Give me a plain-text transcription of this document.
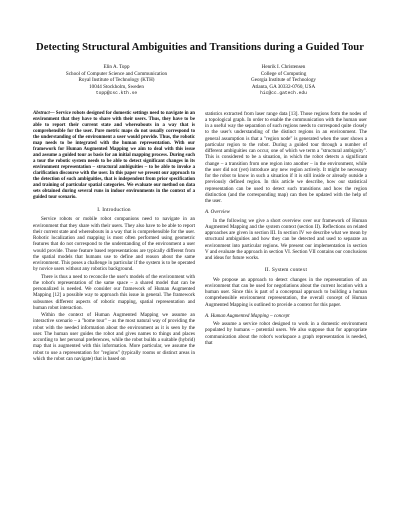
Detecting Structural Ambiguities and Transitions during a Guided Tour
Elin A. Topp
School of Computer Science and Communication
Royal Institute of Technology (KTH)
10044 Stockholm, Sweden
topp@csc.kth.se
Henrik I. Christensen
College of Computing
Georgia Institute of Technology
Atlanta, GA 30332-0760, USA
hic@cc.gatech.edu
Abstract— Service robots designed for domestic settings need to navigate in an environment that they have to share with their users. Thus, they have to be able to report their current state and whereabouts in a way that is comprehensible for the user. Pure metric maps do not usually correspond to the understanding of the environment a user would provide. Thus, the robotic map needs to be integrated with the human representation. With our framework for Human Augmented Mapping we aim to deal with this issue and assume a guided tour as basis for an initial mapping process. During such a tour the robotic system needs to be able to detect significant changes in its environment representation – structural ambiguities – to be able to invoke a clarification discourse with the user. In this paper we present our approach to the detection of such ambiguities, that is independent from prior specification and training of particular spatial categories. We evaluate our method on data sets obtained during several runs in indoor environments in the context of a guided tour scenario.
I. Introduction

Service robots or mobile robot companions need to navigate in an environment that they share with their users. They also have to be able to report their current state and whereabouts in a way that is comprehensible for the user. Robotic localization and mapping is most often performed using geometric features that do not correspond to the understanding of the environment a user would provide. Those feature based representations are typically different from the spatial models that humans use to define and reason about the same environment. This poses a challenge in particular if the system is to be operated by novice users without any robotics background.

There is thus a need to reconcile the user's models of the environment with the robot's representation of the same space – a shared model that can be personalized is needed. We consider our framework of Human Augmented Mapping [12] a possible way to approach this issue in general. The framework subsumes different aspects of robotic mapping, spatial representation and human robot interaction.

Within the context of Human Augmented Mapping we assume an interactive scenario – a "home tour" – as the most natural way of providing the robot with the needed information about the environment as it is seen by the user. The human user guides the robot and gives names to things and places according to her personal preferences, while the robot builds a suitable (hybrid) map that is augmented with this information. More particular, we assume the robot to use a representation for "regions" (typically rooms or distinct areas in which the robot can navigate) that is based on

statistics extracted from laser range data [13]. Those regions form the nodes of a topological graph. In order to enable the communication with the human user in a useful way the separation of such regions needs to correspond quite closely to the user's understanding of the distinct regions in an environment. The general assumption is that a "region node" is generated when the user shows a particular region to the robot. During a guided tour through a number of different ambiguities can occur, one of which we term a "structural ambiguity". This is considered to be a situation, in which the robot detects a significant change – a transition from one region into another – in the environment, while the user did not (yet) introduce any new region actively. It might be necessary for the robot to know in such a situation if it is still inside or already outside a previously defined region. In this article we describe, how our statistical representation can be used to detect such transitions and how the region distinction (and the corresponding map) can then be updated with the help of the user.

A. Overview

In the following we give a short overview over our framework of Human Augmented Mapping and the system context (section II). Reflections on related approaches are given in section III. In section IV we describe what we mean by structural ambiguities and how they can be detected and used to separate an environment into particular regions. We present our implementation in section V and evaluate the approach in section VI. Section VII contains our conclusions and ideas for future works.

II. System context

We propose an approach to detect changes in the representation of an environment that can be used for negotiations about the current location with a human user. Since this is part of a conceptual approach to building a human comprehensible environment representation, the overall concept of Human Augmented Mapping is outlined to provide a context for this paper.

A. Human Augmented Mapping – concept

We assume a service robot designed to work in a domestic environment populated by humans – potential users. We also suppose that for appropriate communication about the robot's workspace a graph representation is needed, that
